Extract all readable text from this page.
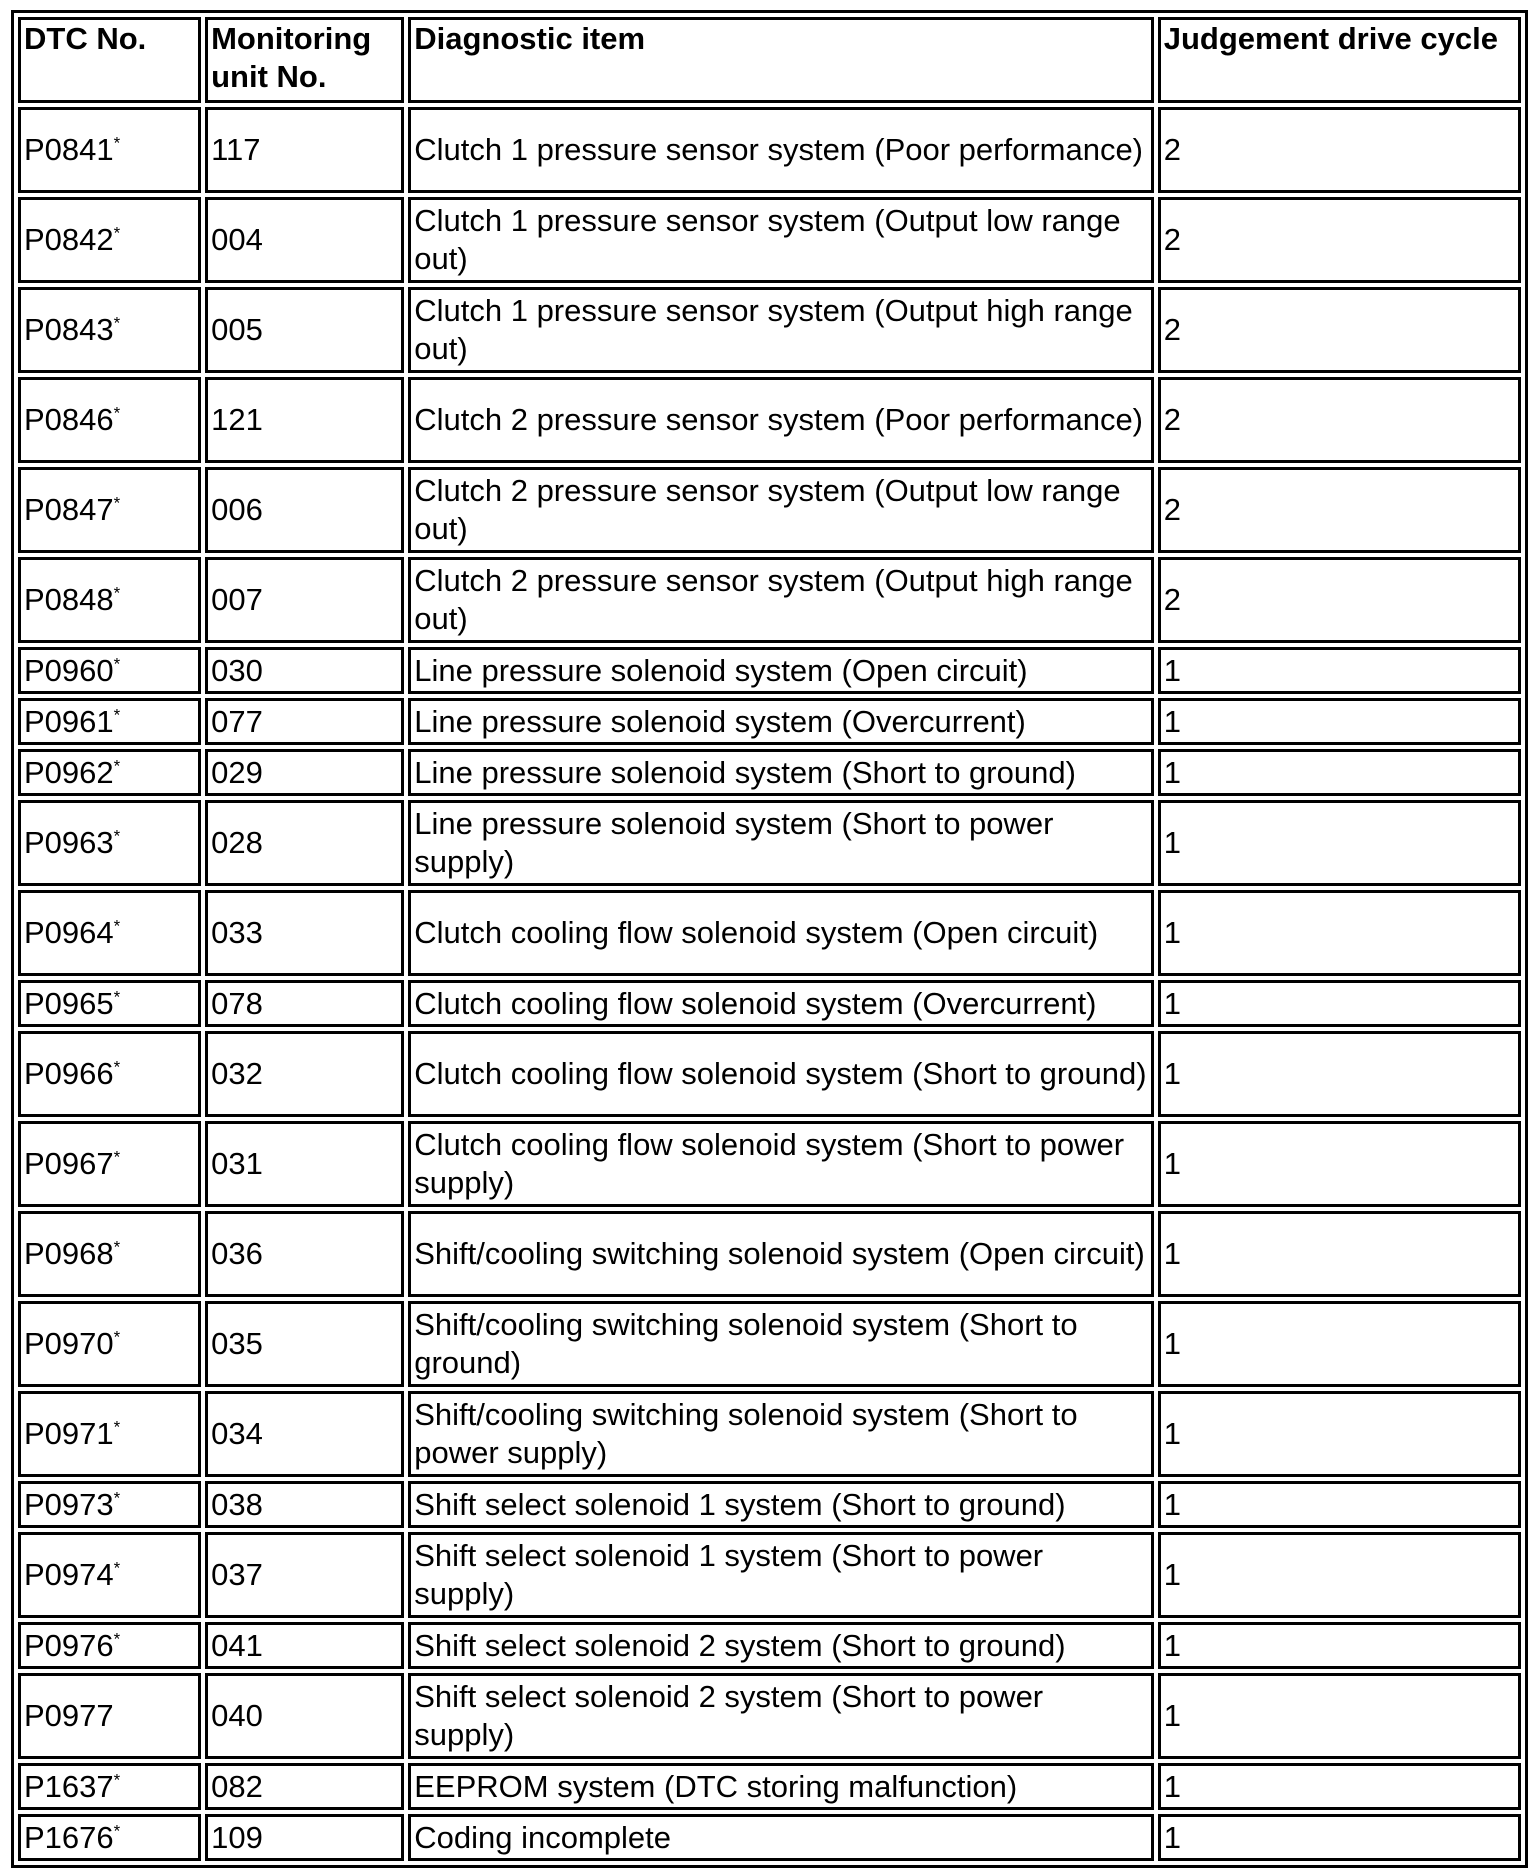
DTC No.	Monitoring unit No.	Diagnostic item	Judgement drive cycle
P0841*	117	Clutch 1 pressure sensor system (Poor performance)	2
P0842*	004	Clutch 1 pressure sensor system (Output low range out)	2
P0843*	005	Clutch 1 pressure sensor system (Output high range out)	2
P0846*	121	Clutch 2 pressure sensor system (Poor performance)	2
P0847*	006	Clutch 2 pressure sensor system (Output low range out)	2
P0848*	007	Clutch 2 pressure sensor system (Output high range out)	2
P0960*	030	Line pressure solenoid system (Open circuit)	1
P0961*	077	Line pressure solenoid system (Overcurrent)	1
P0962*	029	Line pressure solenoid system (Short to ground)	1
P0963*	028	Line pressure solenoid system (Short to power supply)	1
P0964*	033	Clutch cooling flow solenoid system (Open circuit)	1
P0965*	078	Clutch cooling flow solenoid system (Overcurrent)	1
P0966*	032	Clutch cooling flow solenoid system (Short to ground)	1
P0967*	031	Clutch cooling flow solenoid system (Short to power supply)	1
P0968*	036	Shift/cooling switching solenoid system (Open circuit)	1
P0970*	035	Shift/cooling switching solenoid system (Short to ground)	1
P0971*	034	Shift/cooling switching solenoid system (Short to power supply)	1
P0973*	038	Shift select solenoid 1 system (Short to ground)	1
P0974*	037	Shift select solenoid 1 system (Short to power supply)	1
P0976*	041	Shift select solenoid 2 system (Short to ground)	1
P0977	040	Shift select solenoid 2 system (Short to power supply)	1
P1637*	082	EEPROM system (DTC storing malfunction)	1
P1676*	109	Coding incomplete	1
